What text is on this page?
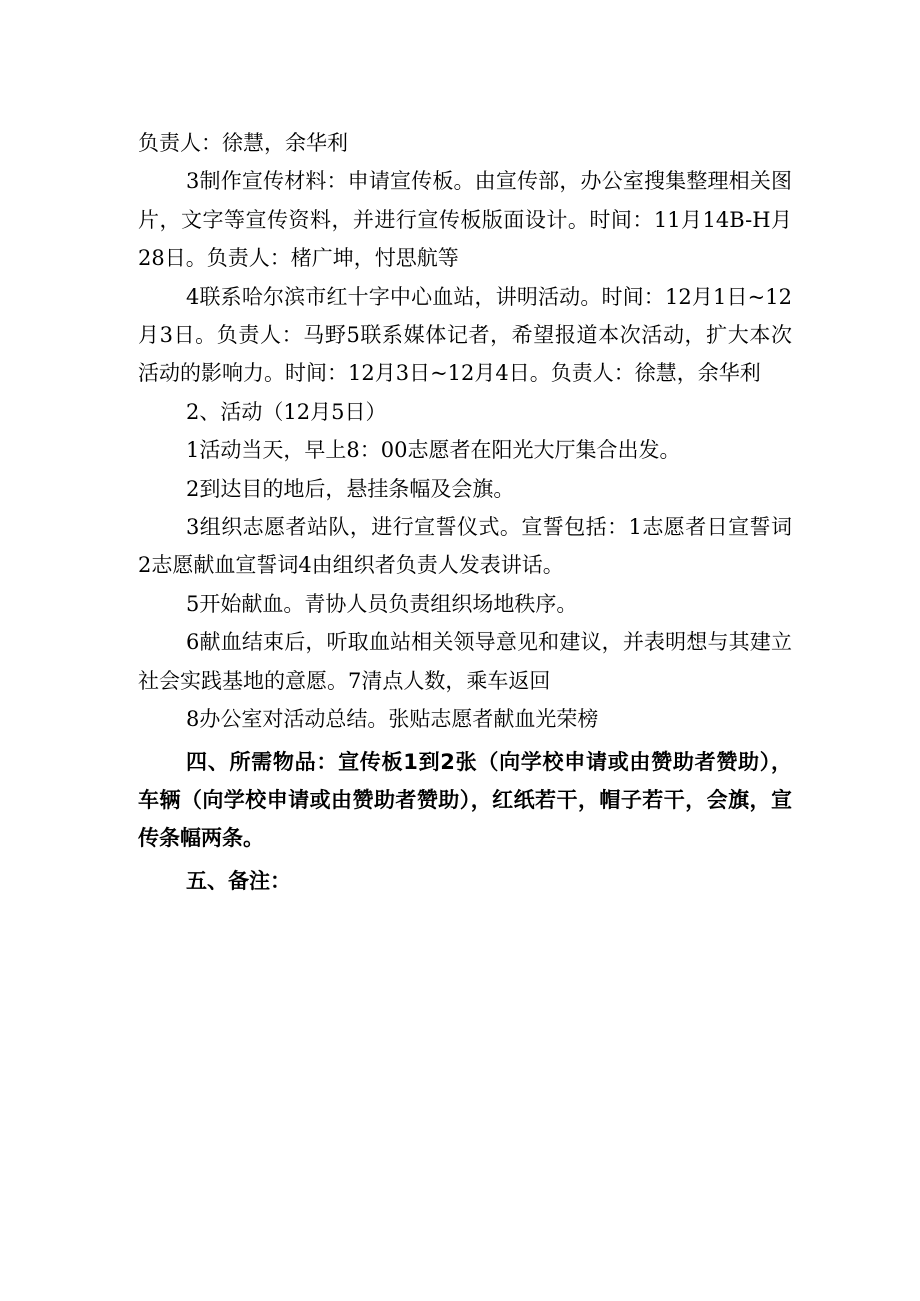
负责人：徐慧，余华利

3制作宣传材料：申请宣传板。由宣传部，办公室搜集整理相关图片，文字等宣传资料，并进行宣传板版面设计。时间：11月14B-H月28日。负责人：楮广坤，忖思航等

4联系哈尔滨市红十字中心血站，讲明活动。时间：12月1日~12月3日。负责人：马野5联系媒体记者，希望报道本次活动，扩大本次活动的影响力。时间：12月3日~12月4日。负责人：徐慧，余华利

2、活动（12月5日）

1活动当天，早上8：00志愿者在阳光大厅集合出发。

2到达目的地后，悬挂条幅及会旗。

3组织志愿者站队，进行宣誓仪式。宣誓包括：1志愿者日宣誓词2志愿献血宣誓词4由组织者负责人发表讲话。

5开始献血。青协人员负责组织场地秩序。

6献血结束后，听取血站相关领导意见和建议，并表明想与其建立社会实践基地的意愿。7清点人数，乘车返回

8办公室对活动总结。张贴志愿者献血光荣榜

四、所需物品：宣传板1到2张（向学校申请或由赞助者赞助），车辆（向学校申请或由赞助者赞助），红纸若干，帽子若干，会旗，宣传条幅两条。

五、备注：
